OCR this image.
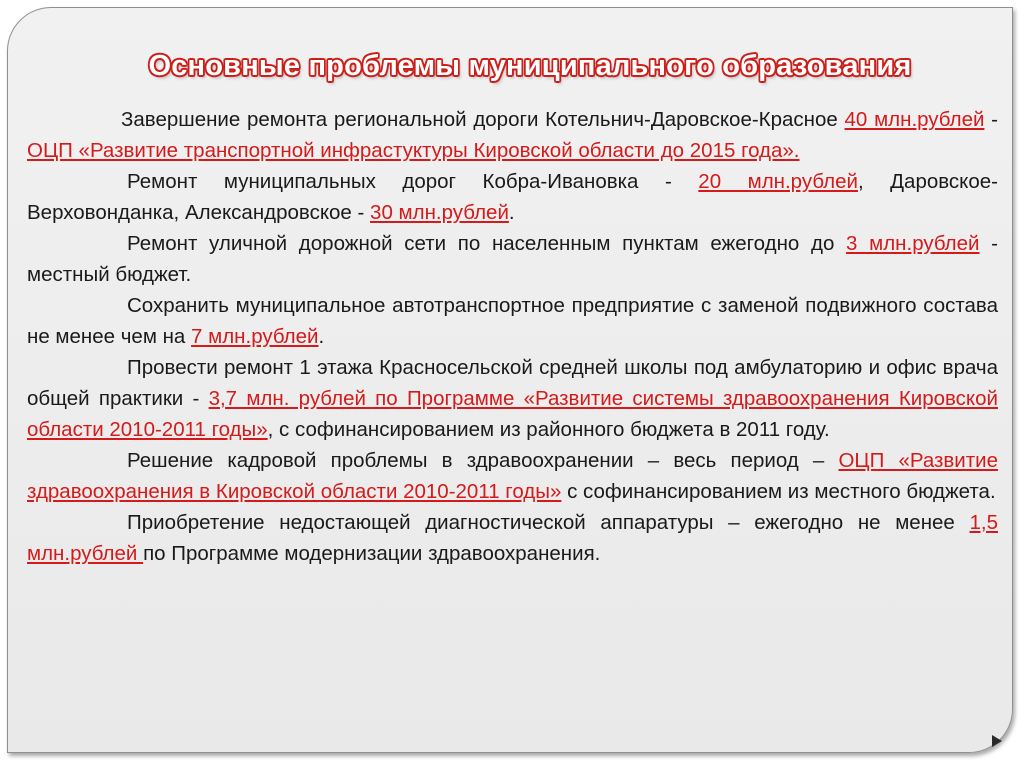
Основные проблемы муниципального образования

Завершение ремонта региональной дороги Котельнич-Даровское-Красное 40 млн.рублей - ОЦП «Развитие транспортной инфрастуктуры Кировской области до 2015 года».

Ремонт муниципальных дорог Кобра-Ивановка - 20 млн.рублей, Даровское-Верховонданка, Александровское - 30 млн.рублей.

Ремонт уличной дорожной сети по населенным пунктам ежегодно до 3 млн.рублей - местный бюджет.

Сохранить муниципальное автотранспортное предприятие с заменой подвижного состава не менее чем на 7 млн.рублей.

Провести ремонт 1 этажа Красносельской средней школы под амбулаторию и офис врача общей практики - 3,7 млн. рублей по Программе «Развитие системы здравоохранения Кировской области 2010-2011 годы», с софинансированием из районного бюджета в 2011 году.

Решение кадровой проблемы в здравоохранении – весь период – ОЦП «Развитие здравоохранения в Кировской области 2010-2011 годы» с софинансированием из местного бюджета.

Приобретение недостающей диагностической аппаратуры – ежегодно не менее 1,5 млн.рублей по Программе модернизации здравоохранения.
